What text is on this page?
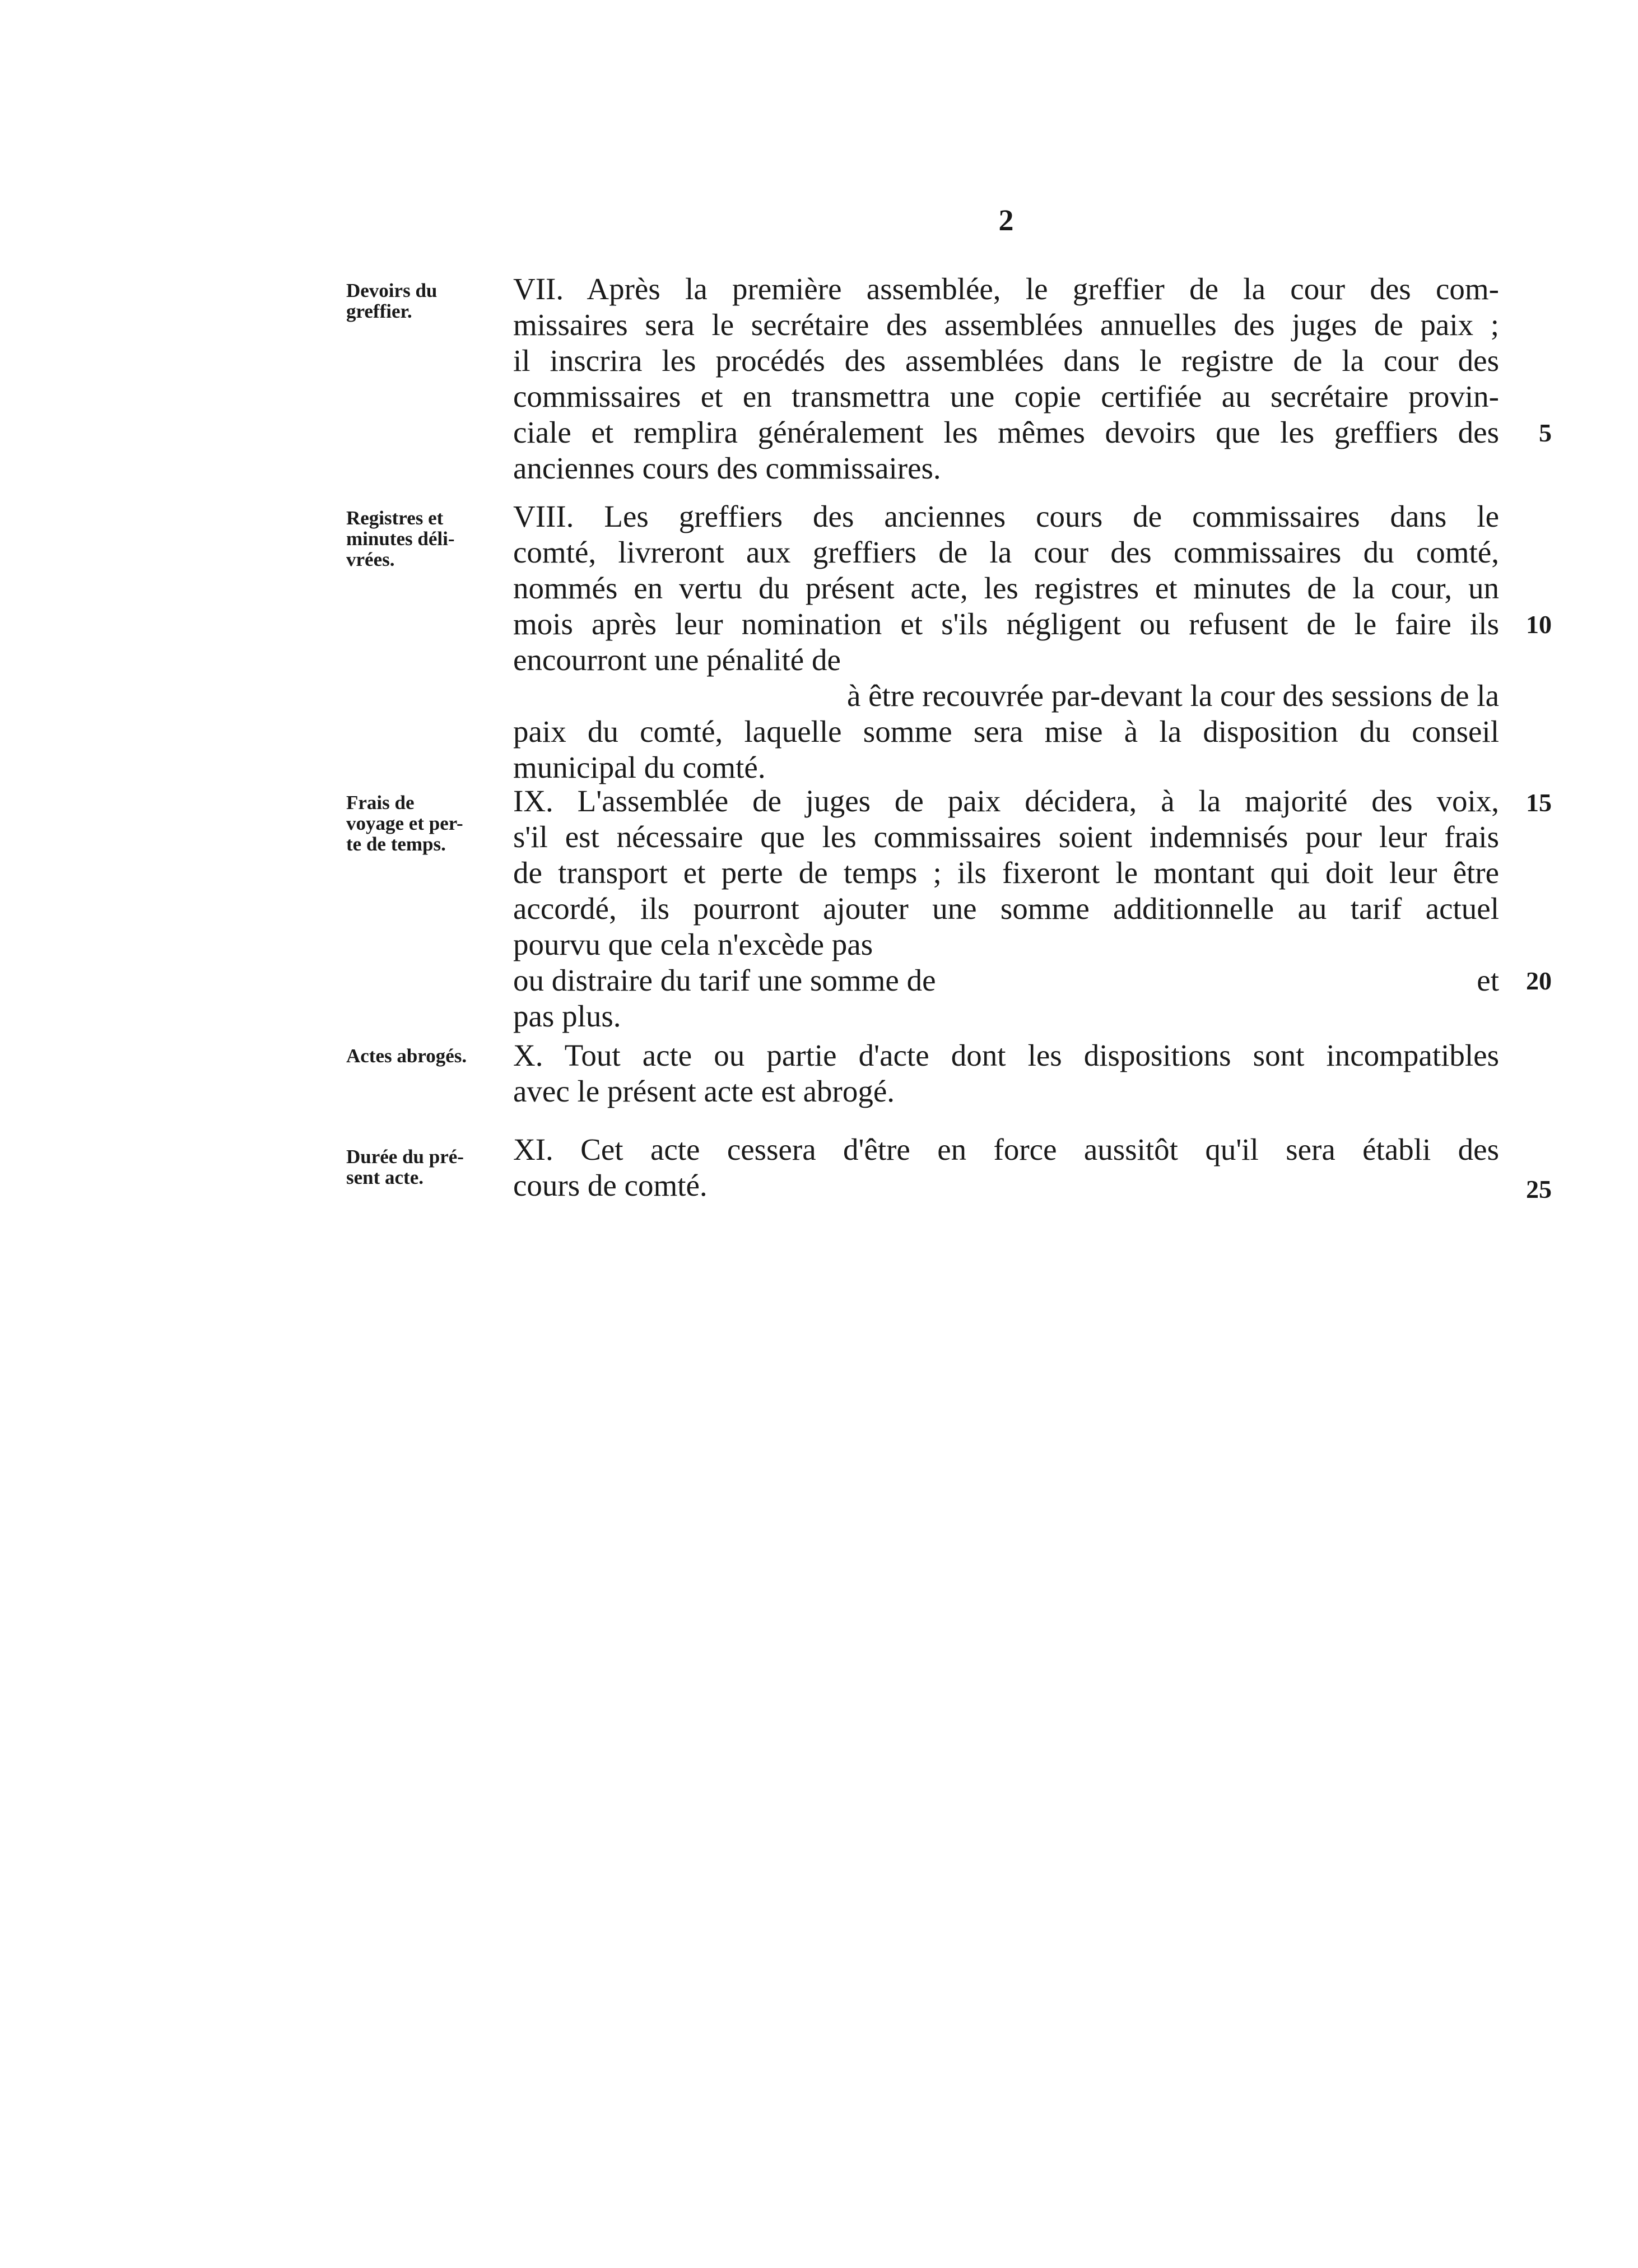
2
Devoirs du
greffier.
VII. Après la première assemblée, le greffier de la cour des com-
missaires sera le secrétaire des assemblées annuelles des juges de paix ;
il inscrira les procédés des assemblées dans le registre de la cour des
commissaires et en transmettra une copie certifiée au secrétaire provin-
ciale et remplira généralement les mêmes devoirs que les greffiers des
anciennes cours des commissaires.
Registres et
minutes déli-
vrées.
VIII. Les greffiers des anciennes cours de commissaires dans le
comté, livreront aux greffiers de la cour des commissaires du comté,
nommés en vertu du présent acte, les registres et minutes de la cour, un
mois après leur nomination et s'ils négligent ou refusent de le faire ils
encourront une pénalité de
à être recouvrée par-devant la cour des sessions de la
paix du comté, laquelle somme sera mise à la disposition du conseil
municipal du comté.
Frais de
voyage et per-
te de temps.
IX. L'assemblée de juges de paix décidera, à la majorité des voix,
s'il est nécessaire que les commissaires soient indemnisés pour leur frais
de transport et perte de temps ; ils fixeront le montant qui doit leur être
accordé, ils pourront ajouter une somme additionnelle au tarif actuel
pourvu que cela n'excède pas
ou distraire du tarif une somme de	et
pas plus.
Actes abrogés.	X. Tout acte ou partie d'acte dont les dispositions sont incompatibles
avec le présent acte est abrogé.
Durée du pré-
sent acte.
XI. Cet acte cessera d'être en force aussitôt qu'il sera établi des
cours de comté.
5
10
15
20
25
